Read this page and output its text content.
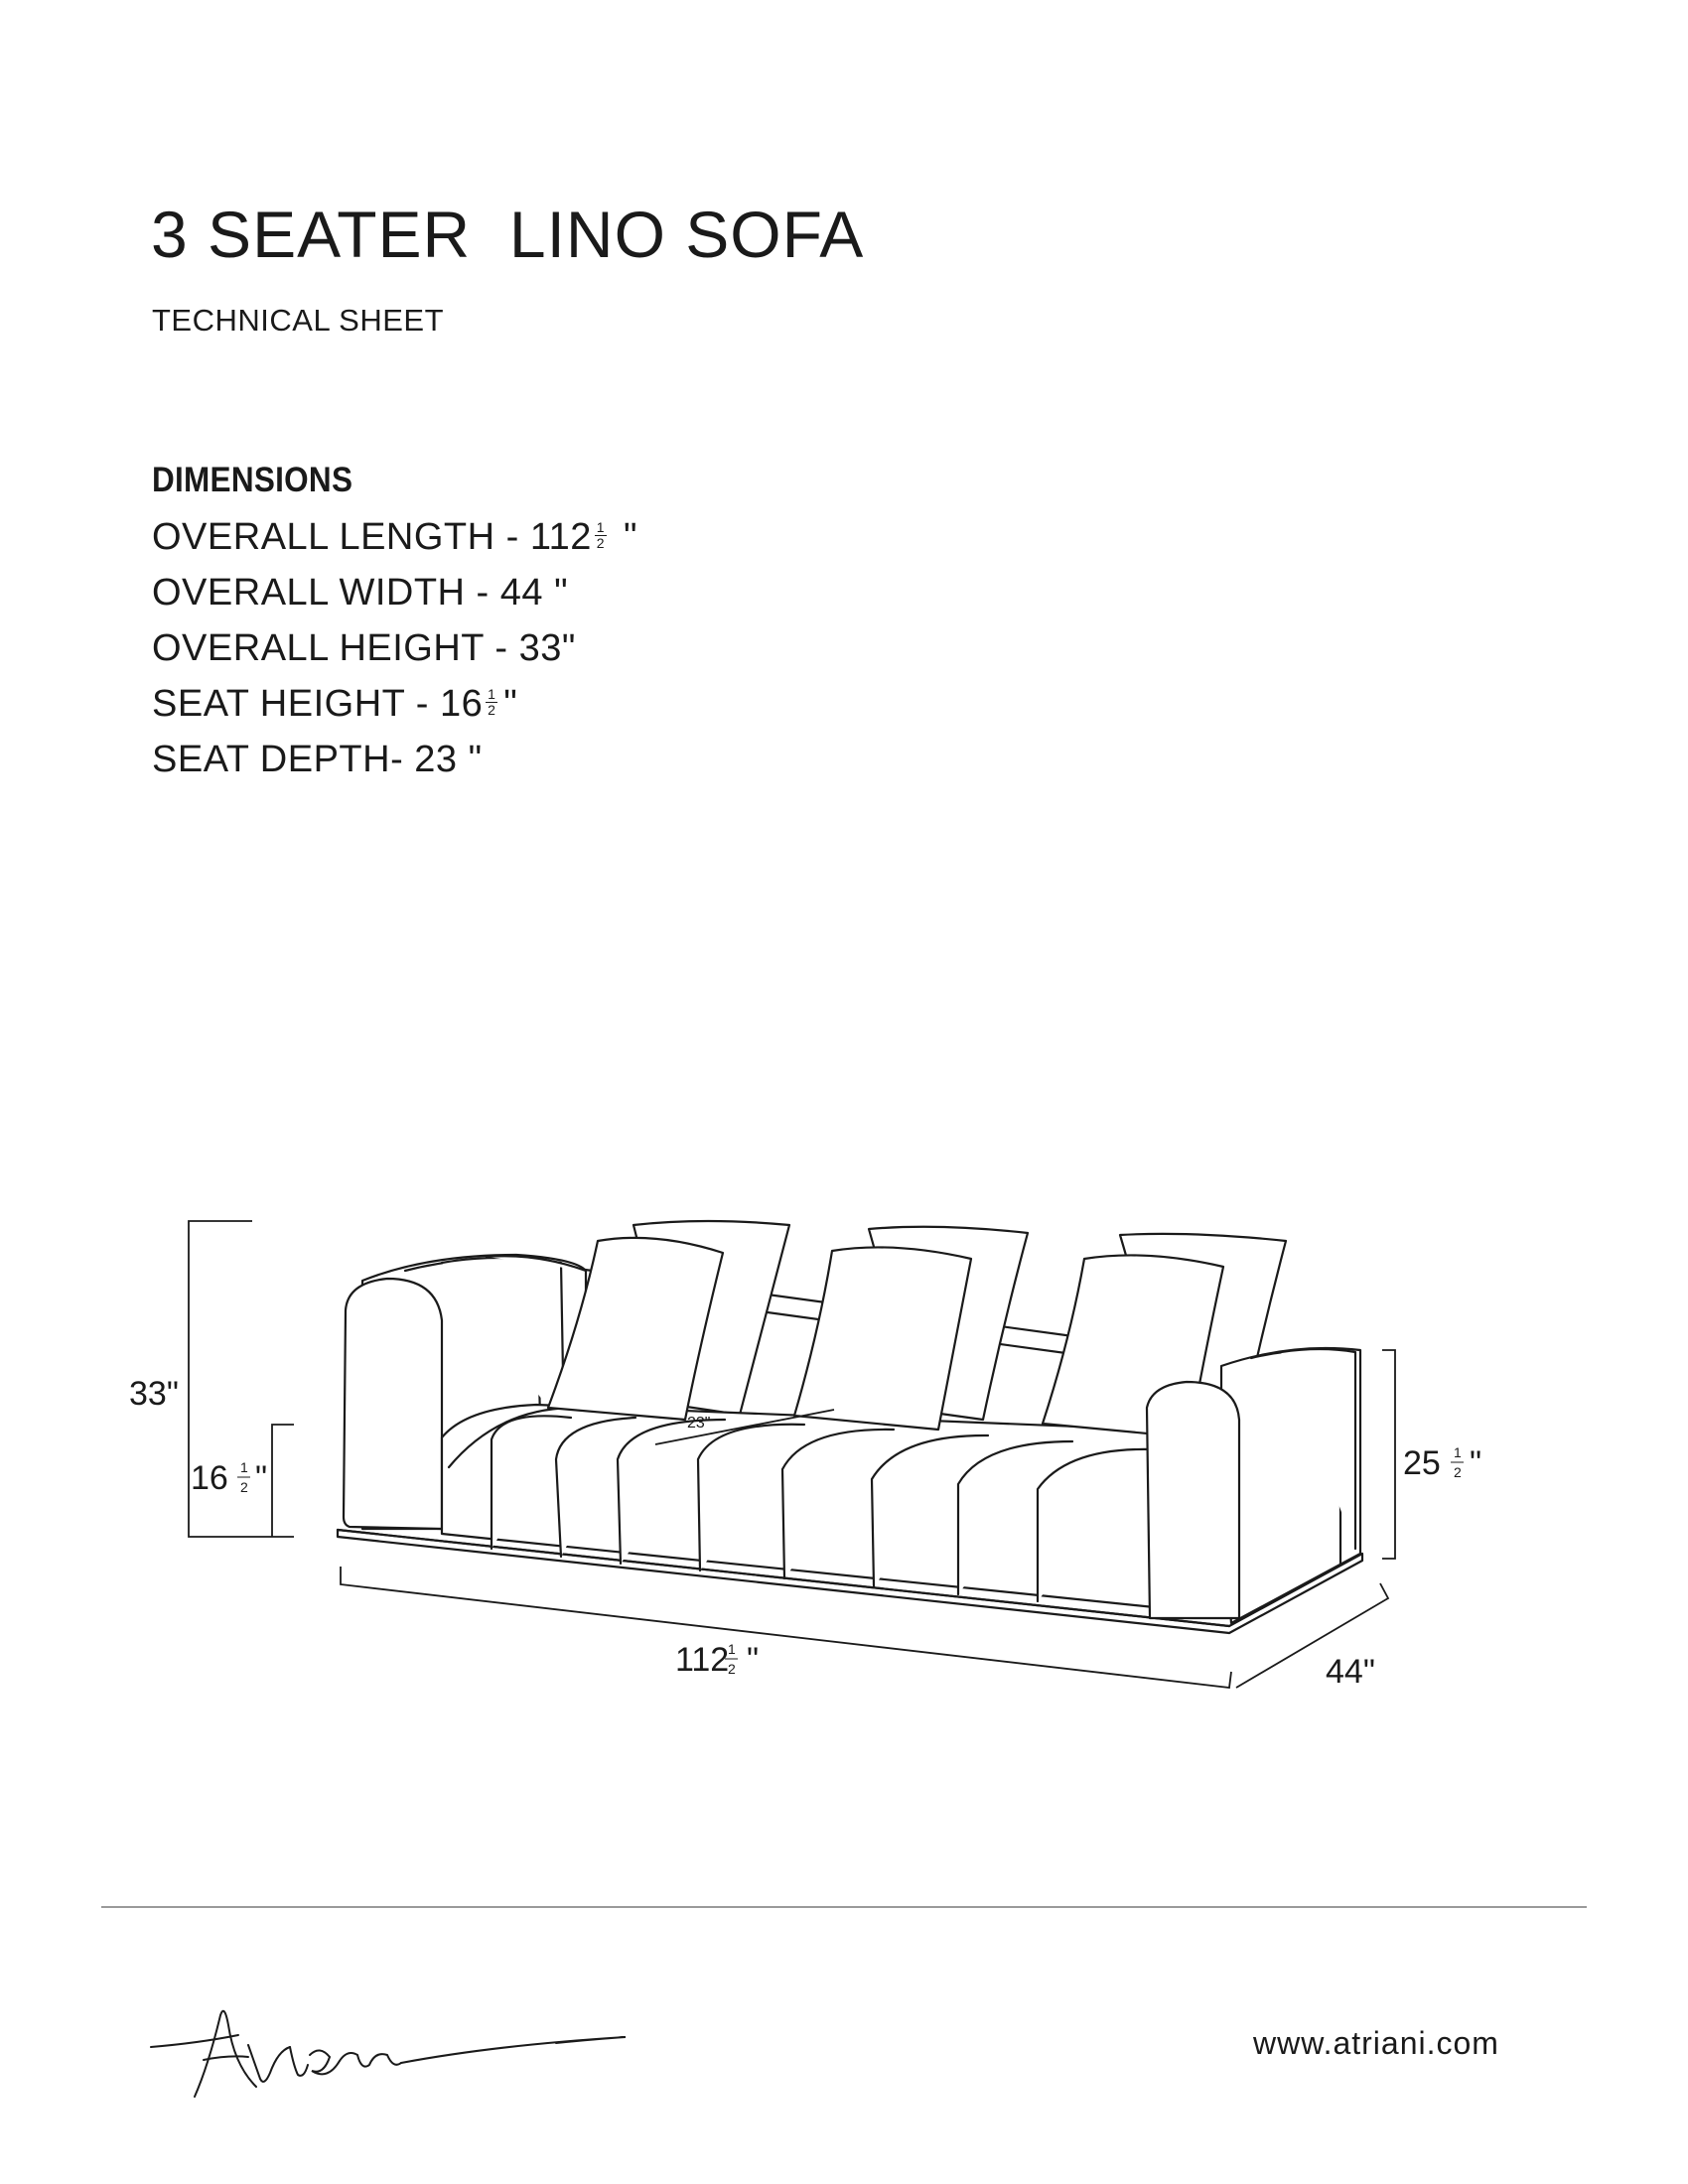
3 SEATER  LINO SOFA
TECHNICAL SHEET
DIMENSIONS
OVERALL LENGTH - $112 \frac{1}{2}$ "
OVERALL WIDTH - 44 "
OVERALL HEIGHT - 33"
SEAT HEIGHT - $16 \frac{1}{2}$ "
SEAT DEPTH- 23 "
33"
16 1
2 "	25 1
2 "
112
1
2 "	44"
23"
www.atriani.com
